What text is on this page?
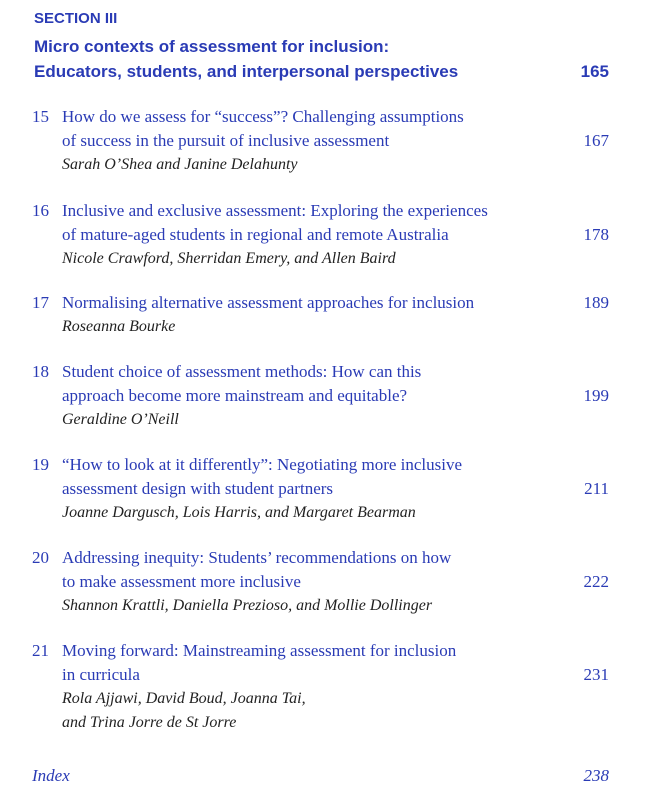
SECTION III
Micro contexts of assessment for inclusion:
Educators, students, and interpersonal perspectives	165
15 How do we assess for “success”? Challenging assumptions
of success in the pursuit of inclusive assessment	167
Sarah O’Shea and Janine Delahunty
16 Inclusive and exclusive assessment: Exploring the experiences
of mature-aged students in regional and remote Australia	178
Nicole Crawford, Sherridan Emery, and Allen Baird
17 Normalising alternative assessment approaches for inclusion	189
Roseanna Bourke
18 Student choice of assessment methods: How can this
approach become more mainstream and equitable?	199
Geraldine O’Neill
19 “How to look at it differently”: Negotiating more inclusive
assessment design with student partners	211
Joanne Dargusch, Lois Harris, and Margaret Bearman
20 Addressing inequity: Students’ recommendations on how
to make assessment more inclusive	222
Shannon Krattli, Daniella Prezioso, and Mollie Dollinger
21 Moving forward: Mainstreaming assessment for inclusion
in curricula	231
Rola Ajjawi, David Boud, Joanna Tai,
and Trina Jorre de St Jorre
Index	238
